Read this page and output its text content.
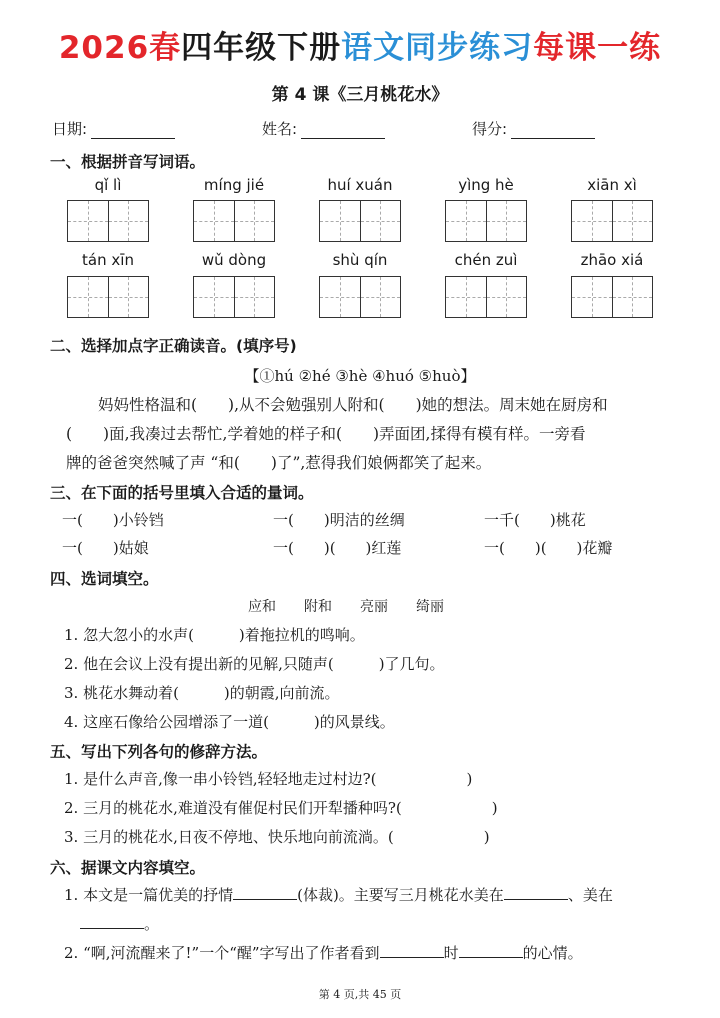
2026春四年级下册语文同步练习每课一练
第 4 课《三月桃花水》
日期:	姓名:	得分:
一、根据拼音写词语。
qǐ lì	míng jié	huí xuán	yìng hè	xiān xì
tán xīn	wǔ dòng	shù qín	chén zuì	zhāo xiá
二、选择加点字正确读音。(填序号)
【①hú ②hé ③hè ④huó ⑤huò】
妈妈性格温和(　　),从不会勉强别人附和(　　)她的想法。周末她在厨房和
(　　)面,我凑过去帮忙,学着她的样子和(　　)弄面团,揉得有模有样。一旁看
牌的爸爸突然喊了声 “和(　　)了”,惹得我们娘俩都笑了起来。
三、在下面的括号里填入合适的量词。
一(　　)小铃铛	一(　　)明洁的丝绸	一千(　　)桃花
一(　　)姑娘	一(　　)(　　)红莲	一(　　)(　　)花瓣
四、选词填空。
应和 附和 亮丽 绮丽
1. 忽大忽小的水声(　　　)着拖拉机的鸣响。
2. 他在会议上没有提出新的见解,只随声(　　　)了几句。
3. 桃花水舞动着(　　　)的朝霞,向前流。
4. 这座石像给公园增添了一道(　　　)的风景线。
五、写出下列各句的修辞方法。
1. 是什么声音,像一串小铃铛,轻轻地走过村边?(　　　　　　)
2. 三月的桃花水,难道没有催促村民们开犁播种吗?(　　　　　　)
3. 三月的桃花水,日夜不停地、快乐地向前流淌。(　　　　　　)
六、据课文内容填空。
1. 本文是一篇优美的抒情	(体裁)。主要写三月桃花水美在	、美在
。
2. “啊,河流醒来了!”一个“醒”字写出了作者看到	时	的心情。
第 4 页,共 45 页
